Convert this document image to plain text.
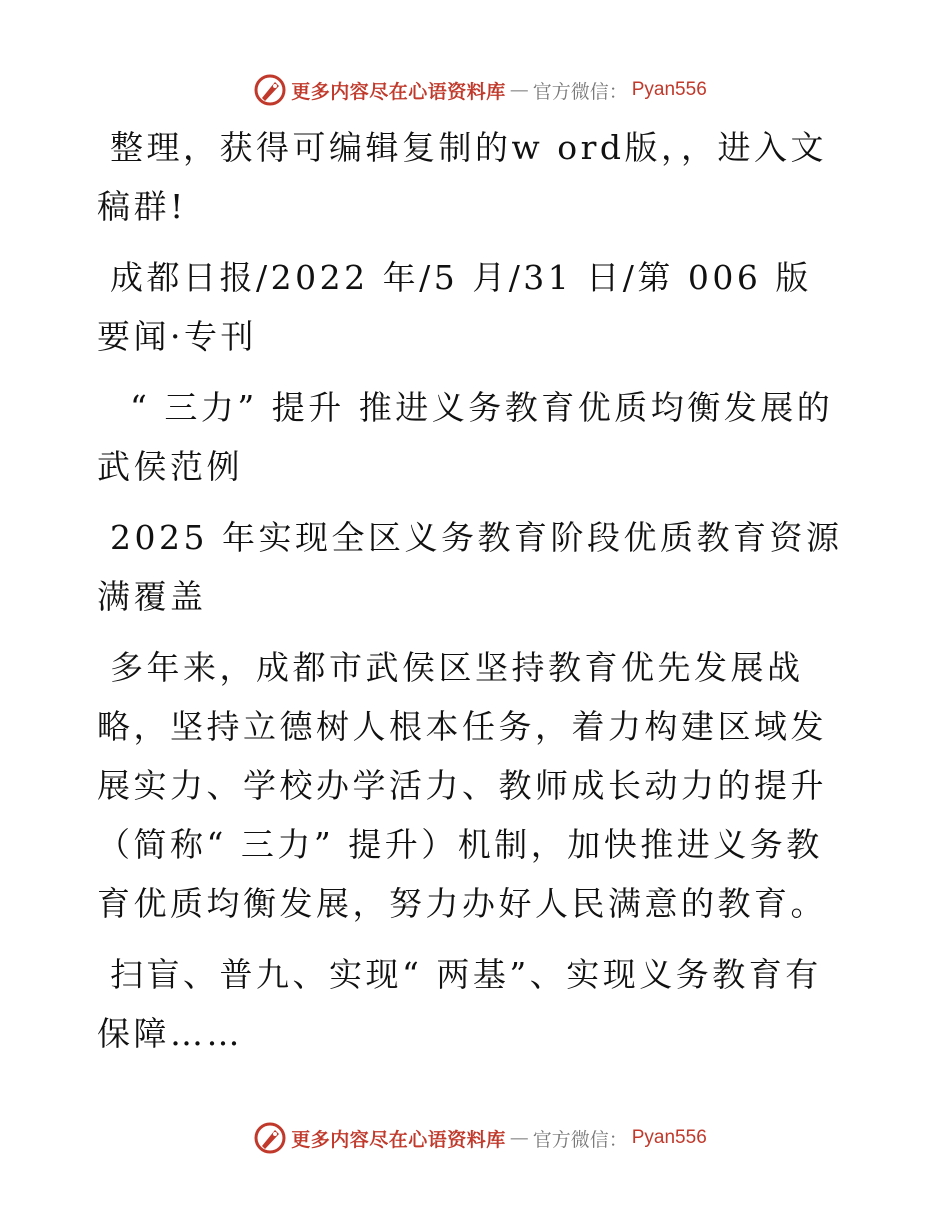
更多内容尽在心语资料库 — 官方微信： Pyan556

整理，获得可编辑复制的w ord版，，进入文稿群!

成都日报/2022 年/5 月/31 日/第 006 版要闻·专刊

“ 三力” 提升 推进义务教育优质均衡发展的武侯范例

2025 年实现全区义务教育阶段优质教育资源满覆盖

多年来，成都市武侯区坚持教育优先发展战略，坚持立德树人根本任务，着力构建区域发展实力、学校办学活力、教师成长动力的提升（简称“ 三力” 提升）机制，加快推进义务教育优质均衡发展，努力办好人民满意的教育。

扫盲、普九、实现“ 两基”、实现义务教育有保障……

更多内容尽在心语资料库 — 官方微信： Pyan556
